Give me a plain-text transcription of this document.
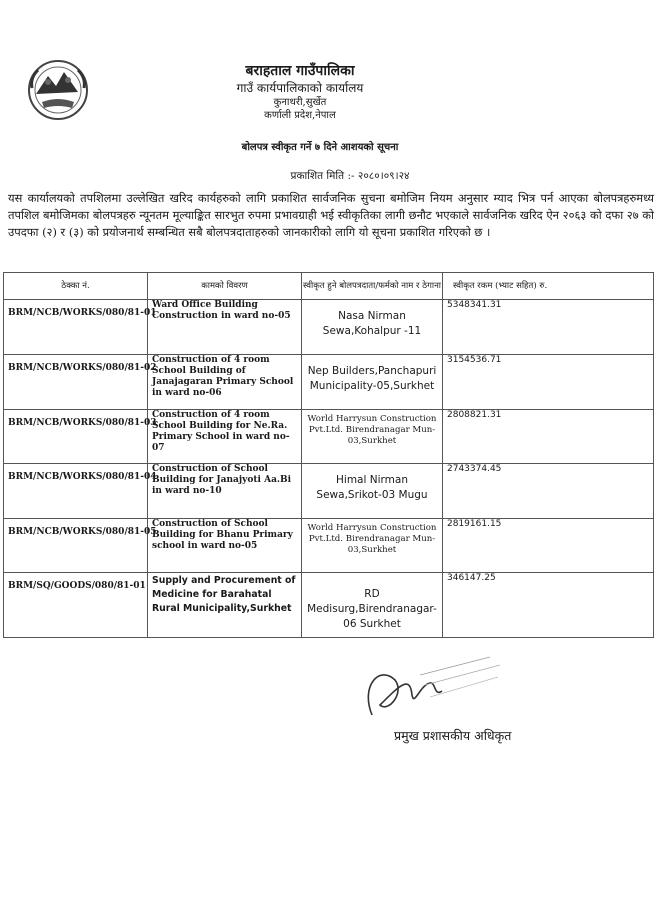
बराहताल गाउँपालिका
गाउँ कार्यपालिकाको कार्यालय
कुनाथरी,सुर्खेत
कर्णाली प्रदेश,नेपाल
बोलपत्र स्वीकृत गर्ने ७ दिने आशयको सूचना
प्रकाशित मिति :- २०८०।०९।२४
यस कार्यालयको तपशिलमा उल्लेखित खरिद कार्यहरुको लागि प्रकाशित सार्वजनिक सुचना बमोजिम नियम अनुसार म्याद भित्र पर्न आएका बोलपत्रहरुमध्य तपशिल बमोजिमका बोलपत्रहरु न्यूनतम मूल्याङ्कित सारभुत रुपमा प्रभावग्राही भई स्वीकृतिका लागी छनौट भएकाले सार्वजनिक खरिद ऐन २०६३ को दफा २७ को उपदफा (२) र (३) को प्रयोजनार्थ सम्बन्धित सबै बोलपत्रदाताहरुको जानकारीको लागि यो सूचना प्रकाशित गरिएको छ ।
ठेक्का नं.	कामको विवरण	स्वीकृत हुने बोलपत्रदाता/फर्मको नाम र ठेगाना	स्वीकृत रकम (भ्याट सहित) रु.
BRM/NCB/WORKS/080/81-01	Ward Office Building Construction in ward no-05	Nasa Nirman Sewa,Kohalpur -11	5348341.31
BRM/NCB/WORKS/080/81-02	Construction of 4 room School Building of Janajagaran Primary School in ward no-06	Nep Builders,Panchapuri Municipality-05,Surkhet	3154536.71
BRM/NCB/WORKS/080/81-03	Construction of 4 room School Building for Ne.Ra. Primary School in ward no-07	World Harrysun Construction Pvt.Ltd. Birendranagar Mun-03,Surkhet	2808821.31
BRM/NCB/WORKS/080/81-04	Construction of School Building for Janajyoti Aa.Bi in ward no-10	Himal Nirman Sewa,Srikot-03 Mugu	2743374.45
BRM/NCB/WORKS/080/81-05	Construction of School Building for Bhanu Primary school in ward no-05	World Harrysun Construction Pvt.Ltd. Birendranagar Mun-03,Surkhet	2819161.15
BRM/SQ/GOODS/080/81-01	Supply and Procurement of Medicine for Barahatal Rural Municipality,Surkhet	RD Medisurg,Birendranagar-06 Surkhet	346147.25
प्रमुख प्रशासकीय अधिकृत
